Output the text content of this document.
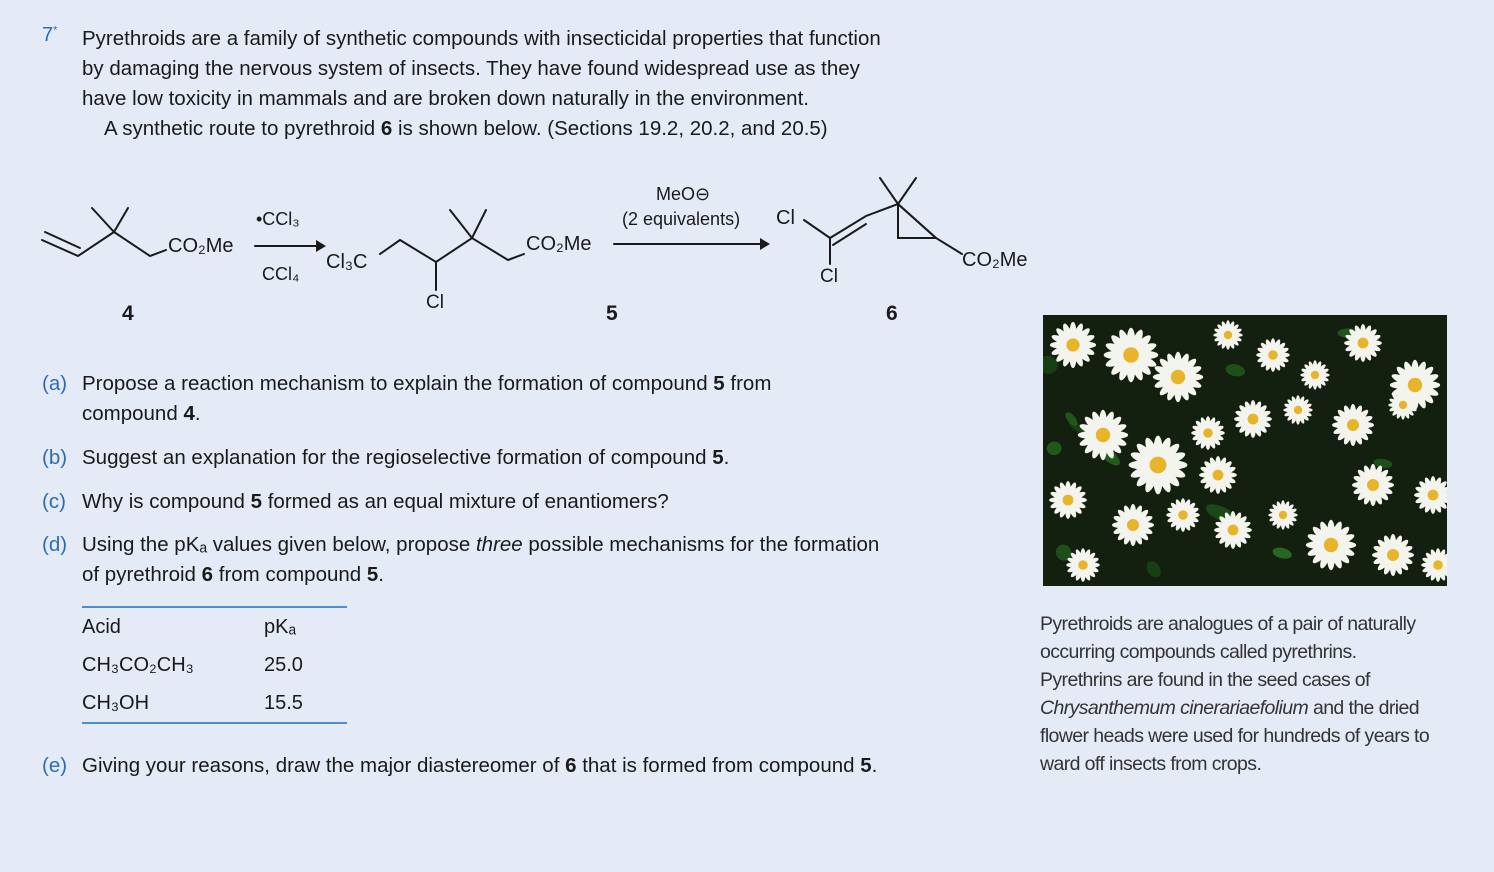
7* Pyrethroids are a family of synthetic compounds with insecticidal properties that function
by damaging the nervous system of insects. They have found widespread use as they
have low toxicity in mammals and are broken down naturally in the environment.
A synthetic route to pyrethroid 6 is shown below. (Sections 19.2, 20.2, and 20.5)
CO₂Me
4
•CCl₃
CCl₄
Cl₃C
CO₂Me
Cl	5
MeO⊖
(2 equivalents) Cl
Cl
CO₂Me
6
(a) Propose a reaction mechanism to explain the formation of compound 5 from
compound 4.
(b) Suggest an explanation for the regioselective formation of compound 5.
(c) Why is compound 5 formed as an equal mixture of enantiomers?
(d) Using the pKₐ values given below, propose three possible mechanisms for the formation
of pyrethroid 6 from compound 5.
(e) Giving your reasons, draw the major diastereomer of 6 that is formed from compound 5.
Acid	pKₐ
CH₃CO₂CH₃	25.0
CH₃OH	15.5
Pyrethroids are analogues of a pair of naturally
occurring compounds called pyrethrins.
Pyrethrins are found in the seed cases of
Chrysanthemum cinerariaefolium and the dried
flower heads were used for hundreds of years to
ward off insects from crops.
